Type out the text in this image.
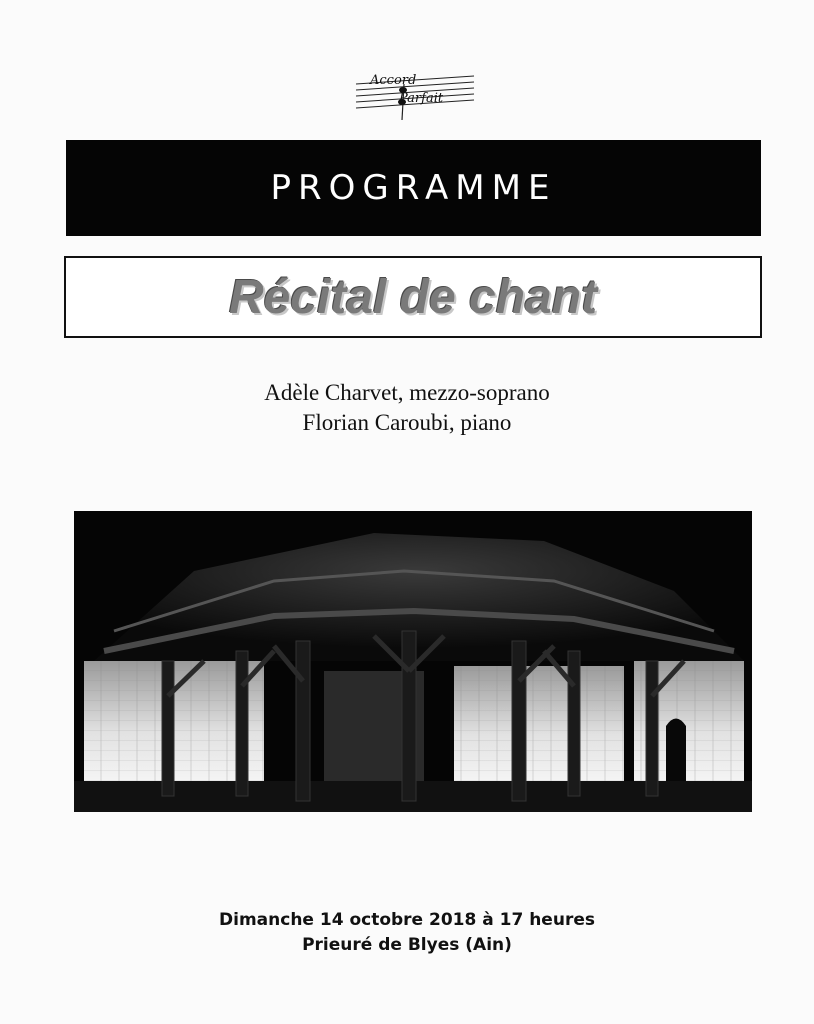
Accord
Parfait
PROGRAMME
Récital de chant
Adèle Charvet, mezzo-soprano
Florian Caroubi, piano
Dimanche 14 octobre 2018 à 17 heures
Prieuré de Blyes (Ain)
